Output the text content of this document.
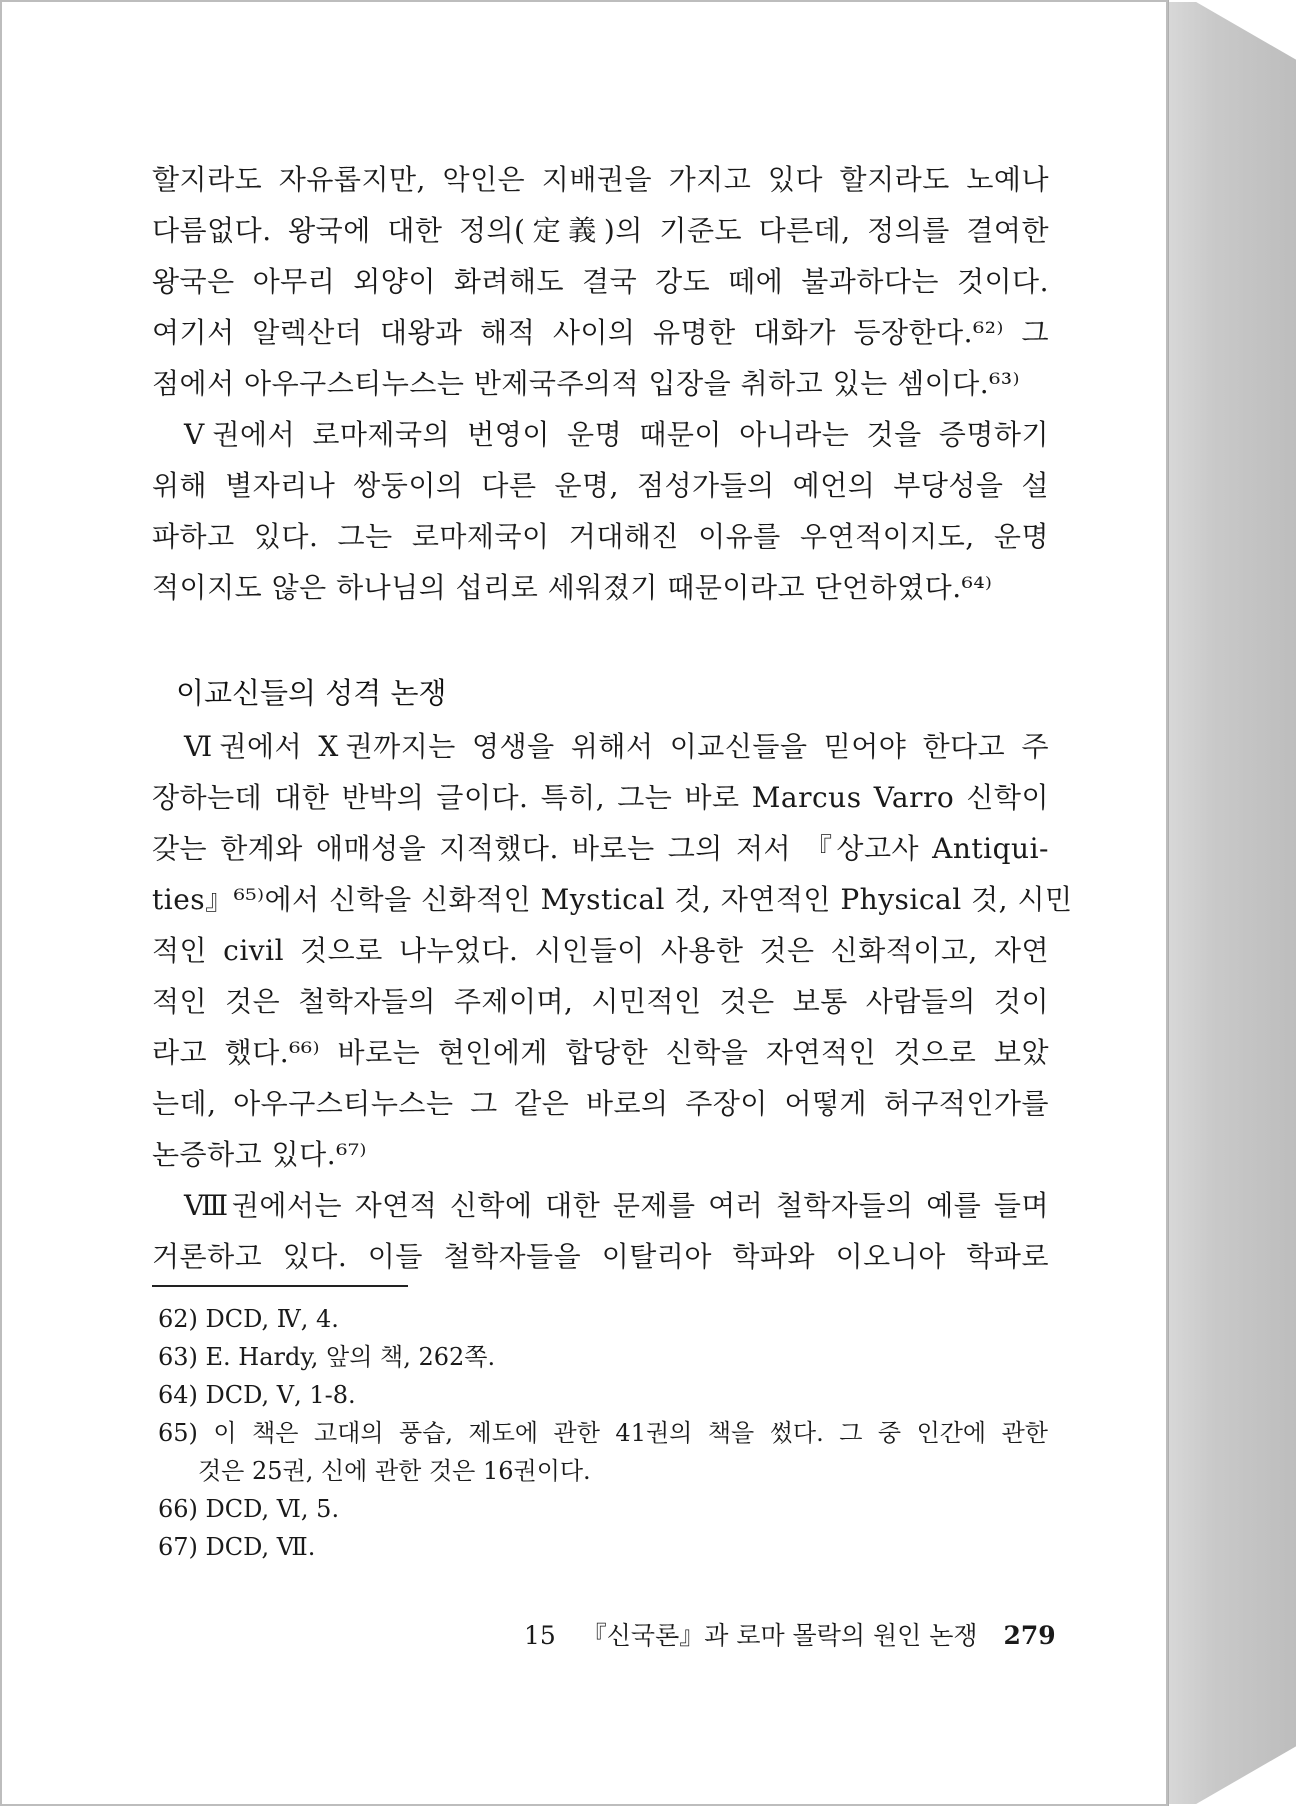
할지라도 자유롭지만, 악인은 지배권을 가지고 있다 할지라도 노예나
다름없다. 왕국에 대한 정의(定義)의 기준도 다른데, 정의를 결여한
왕국은 아무리 외양이 화려해도 결국 강도 떼에 불과하다는 것이다.
여기서 알렉산더 대왕과 해적 사이의 유명한 대화가 등장한다.⁶²⁾ 그
점에서 아우구스티누스는 반제국주의적 입장을 취하고 있는 셈이다.⁶³⁾
Ⅴ권에서 로마제국의 번영이 운명 때문이 아니라는 것을 증명하기
위해 별자리나 쌍둥이의 다른 운명, 점성가들의 예언의 부당성을 설
파하고 있다. 그는 로마제국이 거대해진 이유를 우연적이지도, 운명
적이지도 않은 하나님의 섭리로 세워졌기 때문이라고 단언하였다.⁶⁴⁾
이교신들의 성격 논쟁
Ⅵ권에서 Ⅹ권까지는 영생을 위해서 이교신들을 믿어야 한다고 주
장하는데 대한 반박의 글이다. 특히, 그는 바로 Marcus Varro 신학이
갖는 한계와 애매성을 지적했다. 바로는 그의 저서 『상고사 Antiqui-
ties』⁶⁵⁾에서 신학을 신화적인 Mystical 것, 자연적인 Physical 것, 시민
적인 civil 것으로 나누었다. 시인들이 사용한 것은 신화적이고, 자연
적인 것은 철학자들의 주제이며, 시민적인 것은 보통 사람들의 것이
라고 했다.⁶⁶⁾ 바로는 현인에게 합당한 신학을 자연적인 것으로 보았
는데, 아우구스티누스는 그 같은 바로의 주장이 어떻게 허구적인가를
논증하고 있다.⁶⁷⁾
Ⅷ권에서는 자연적 신학에 대한 문제를 여러 철학자들의 예를 들며
거론하고 있다. 이들 철학자들을 이탈리아 학파와 이오니아 학파로
62) DCD, Ⅳ, 4.
63) E. Hardy, 앞의 책, 262쪽.
64) DCD, Ⅴ, 1-8.
65) 이 책은 고대의 풍습, 제도에 관한 41권의 책을 썼다. 그 중 인간에 관한
것은 25권, 신에 관한 것은 16권이다.
66) DCD, Ⅵ, 5.
67) DCD, Ⅶ.
15 『신국론』과 로마 몰락의 원인 논쟁 279
